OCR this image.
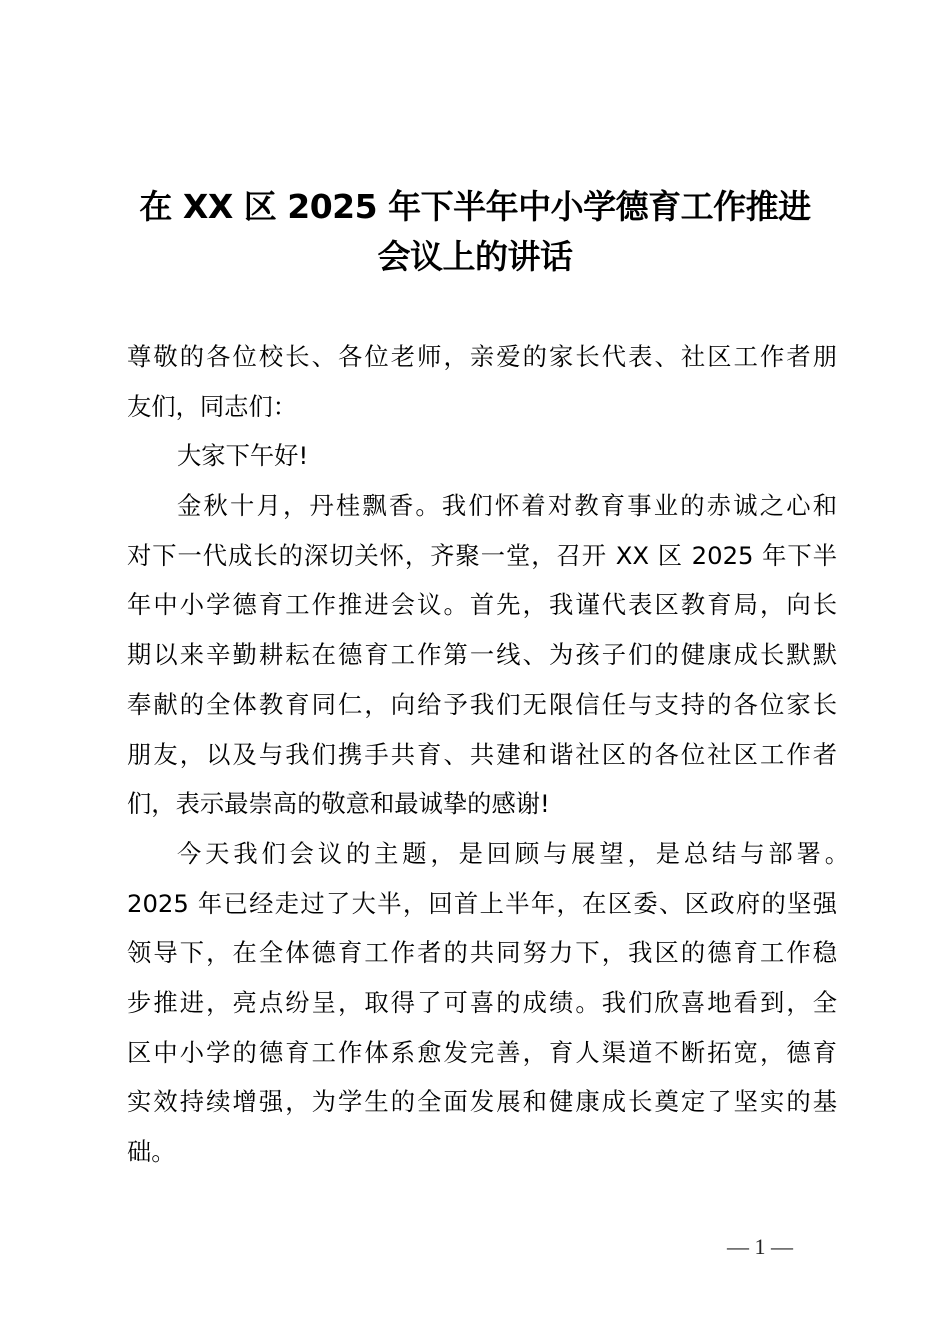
在 XX 区 2025 年下半年中小学德育工作推进
会议上的讲话
尊敬的各位校长、各位老师，亲爱的家长代表、社区工作者朋
友们，同志们：
大家下午好!
金秋十月，丹桂飘香。我们怀着对教育事业的赤诚之心和
对下一代成长的深切关怀，齐聚一堂，召开 XX 区 2025 年下半
年中小学德育工作推进会议。首先，我谨代表区教育局，向长
期以来辛勤耕耘在德育工作第一线、为孩子们的健康成长默默
奉献的全体教育同仁，向给予我们无限信任与支持的各位家长
朋友，以及与我们携手共育、共建和谐社区的各位社区工作者
们，表示最崇高的敬意和最诚挚的感谢!
今天我们会议的主题，是回顾与展望，是总结与部署。
2025 年已经走过了大半，回首上半年，在区委、区政府的坚强
领导下，在全体德育工作者的共同努力下，我区的德育工作稳
步推进，亮点纷呈，取得了可喜的成绩。我们欣喜地看到，全
区中小学的德育工作体系愈发完善，育人渠道不断拓宽，德育
实效持续增强，为学生的全面发展和健康成长奠定了坚实的基
础。
— 1 —
